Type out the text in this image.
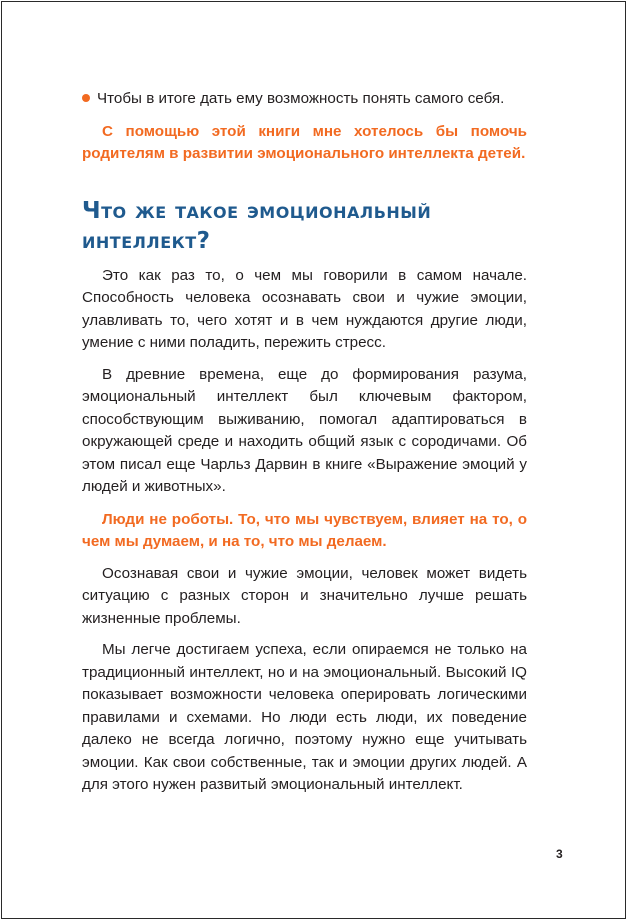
Чтобы в итоге дать ему возможность понять самого себя.

С помощью этой книги мне хотелось бы помочь родителям в развитии эмоционального интеллекта детей.

Что же такое эмоциональный интеллект?

Это как раз то, о чем мы говорили в самом начале. Способность человека осознавать свои и чужие эмоции, улавливать то, чего хотят и в чем нуждаются другие люди, умение с ними поладить, пережить стресс.

В древние времена, еще до формирования разума, эмоциональный интеллект был ключевым фактором, способствующим выживанию, помогал адаптироваться в окружающей среде и находить общий язык с сородичами. Об этом писал еще Чарльз Дарвин в книге «Выражение эмоций у людей и животных».

Люди не роботы. То, что мы чувствуем, влияет на то, о чем мы думаем, и на то, что мы делаем.

Осознавая свои и чужие эмоции, человек может видеть ситуацию с разных сторон и значительно лучше решать жизненные проблемы.

Мы легче достигаем успеха, если опираемся не только на традиционный интеллект, но и на эмоциональный. Высокий IQ показывает возможности человека оперировать логическими правилами и схемами. Но люди есть люди, их поведение далеко не всегда логично, поэтому нужно еще учитывать эмоции. Как свои собственные, так и эмоции других людей. А для этого нужен развитый эмоциональный интеллект.

3
